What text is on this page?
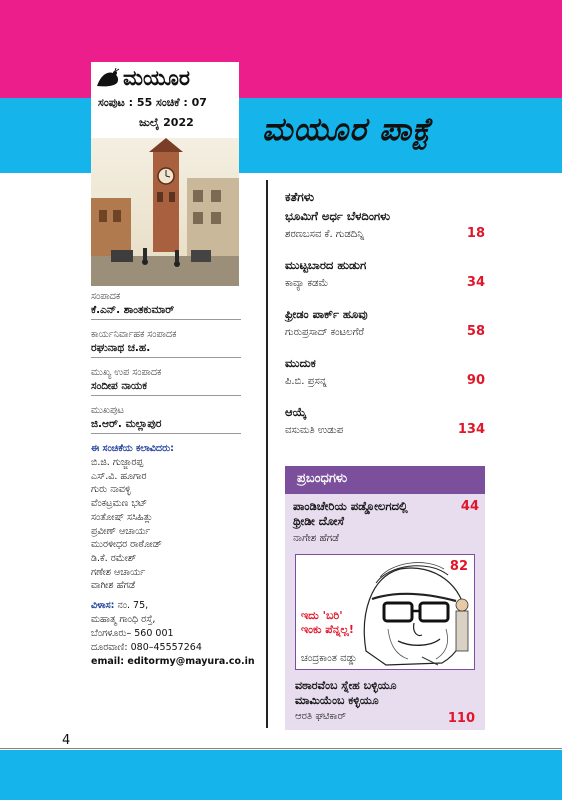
ಮಯೂರ
ಸಂಪುಟ : 55 ಸಂಚಿಕೆ : 07
ಜುಲೈ 2022 ಮಯೂರ ಪಾಕ್ಟೆ
ಸಂಪಾದಕ
ಕೆ.ಎನ್. ಶಾಂತಕುಮಾರ್
ಕಾರ್ಯನಿರ್ವಾಹಕ ಸಂಪಾದಕ
ರಘುನಾಥ ಚ.ಹ.
ಮುಖ್ಯ ಉಪ ಸಂಪಾದಕ
ಸಂದೀಪ ನಾಯಕ
ಮುಖಪುಟ
ಜಿ.ಆರ್. ಮಲ್ಲಾಪುರ
ಈ ಸಂಚಿಕೆಯ ಕಲಾವಿದರು:
ಬಿ.ಜಿ. ಗುಜ್ಜಾರಪ್ಪ
ಎಸ್.ವಿ. ಹೂಗಾರ
ಗುರು ನಾವಳ್ಳಿ
ವೆಂಕಟ್ರಮಣ ಭಟ್
ಸಂತೋಷ್ ಸಸಿಹಿತ್ಲು
ಪ್ರವೀಣ್ ಆಚಾರ್ಯ
ಮುರಳೀಧರ ರಾಠೋಡ್
ಡಿ.ಕೆ. ರಮೇಶ್
ಗಣೇಶ ಆಚಾರ್ಯ
ವಾಗೀಶ ಹೆಗಡೆ
ವಿಳಾಸ: ನಂ. 75,
ಮಹಾತ್ಮ ಗಾಂಧಿ ರಸ್ತೆ,
ಬೆಂಗಳೂರು– 560 001
ದೂರವಾಣಿ: 080–45557264
email: editormy@mayura.co.in
ಕತೆಗಳು
ಭೂಮಿಗೆ ಅರ್ಧ ಬೆಳದಿಂಗಳು
ಶರಣಬಸವ ಕೆ. ಗುಡದಿನ್ನಿ	18
ಮುಟ್ಟಬಾರದ ಹುಡುಗ
ಕಾವ್ಯಾ ಕಡಮೆ	34
ಫ್ರೀಡಂ ಪಾರ್ಕ್ ಹೂವು
ಗುರುಪ್ರಸಾದ್ ಕಂಟಲಗೆರೆ	58
ಮುದುಕ
ಪಿ.ಬಿ. ಪ್ರಸನ್ನ	90
ಆಯ್ಕೆ
ವಸುಮತಿ ಉಡುಪ	134
ಪ್ರಬಂಧಗಳು
ಪಾಂಡಿಚೇರಿಯ ಪಡ್ಡೋಲಗದಲ್ಲಿ
ಥ್ರೀಡೀ ದೋಸೆ
ನಾಗೇಶ ಹೆಗಡೆ
44
82
ಇದು 'ಬರಿ'
ಇಂಕು ಪೆನ್ನಲ್ಲ!
ಚಂದ್ರಕಾಂತ ವಡ್ಡು
ವಠಾರವೆಂಬ ಸ್ನೇಹ ಬಳ್ಳಿಯೂ
ಮಾಮಿಯೆಂಬ ಕಳ್ಳಿಯೂ
ಆರತಿ ಘಟಿಕಾರ್	110
4
